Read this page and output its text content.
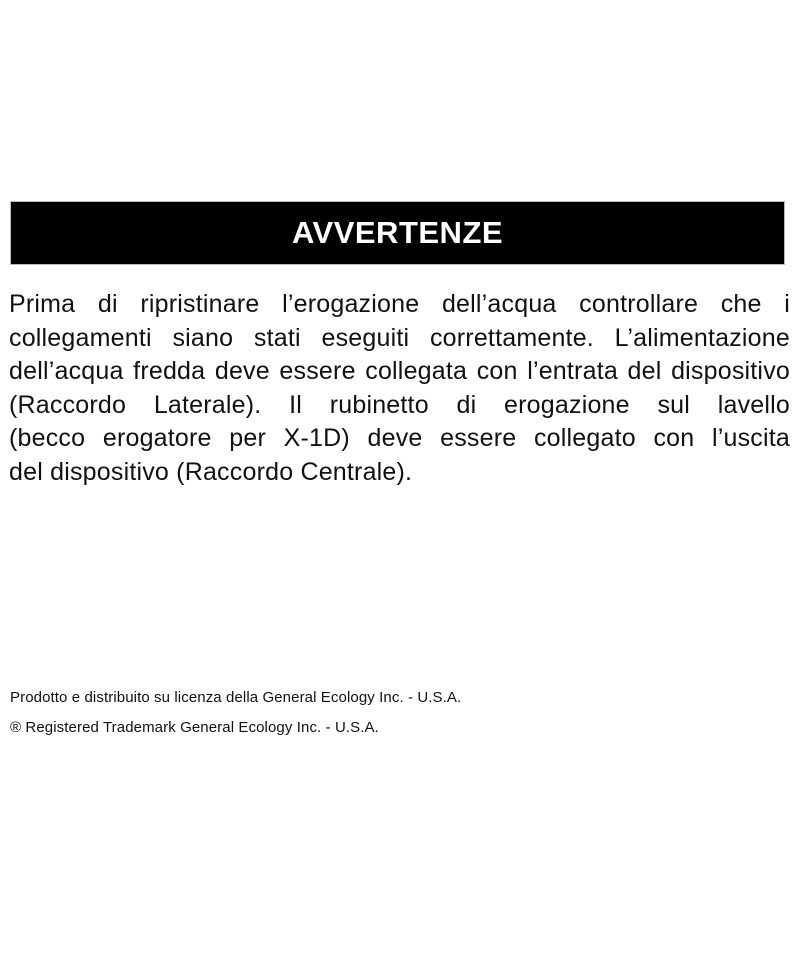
AVVERTENZE
Prima di ripristinare l’erogazione dell’acqua controllare che i
collegamenti siano stati eseguiti correttamente. L’alimentazione
dell’acqua fredda deve essere collegata con l’entrata del dispositivo
(Raccordo Laterale). Il rubinetto di erogazione sul lavello
(becco erogatore per X-1D) deve essere collegato con l’uscita
del dispositivo (Raccordo Centrale).
Prodotto e distribuito su licenza della General Ecology Inc. - U.S.A.
® Registered Trademark General Ecology Inc. - U.S.A.
